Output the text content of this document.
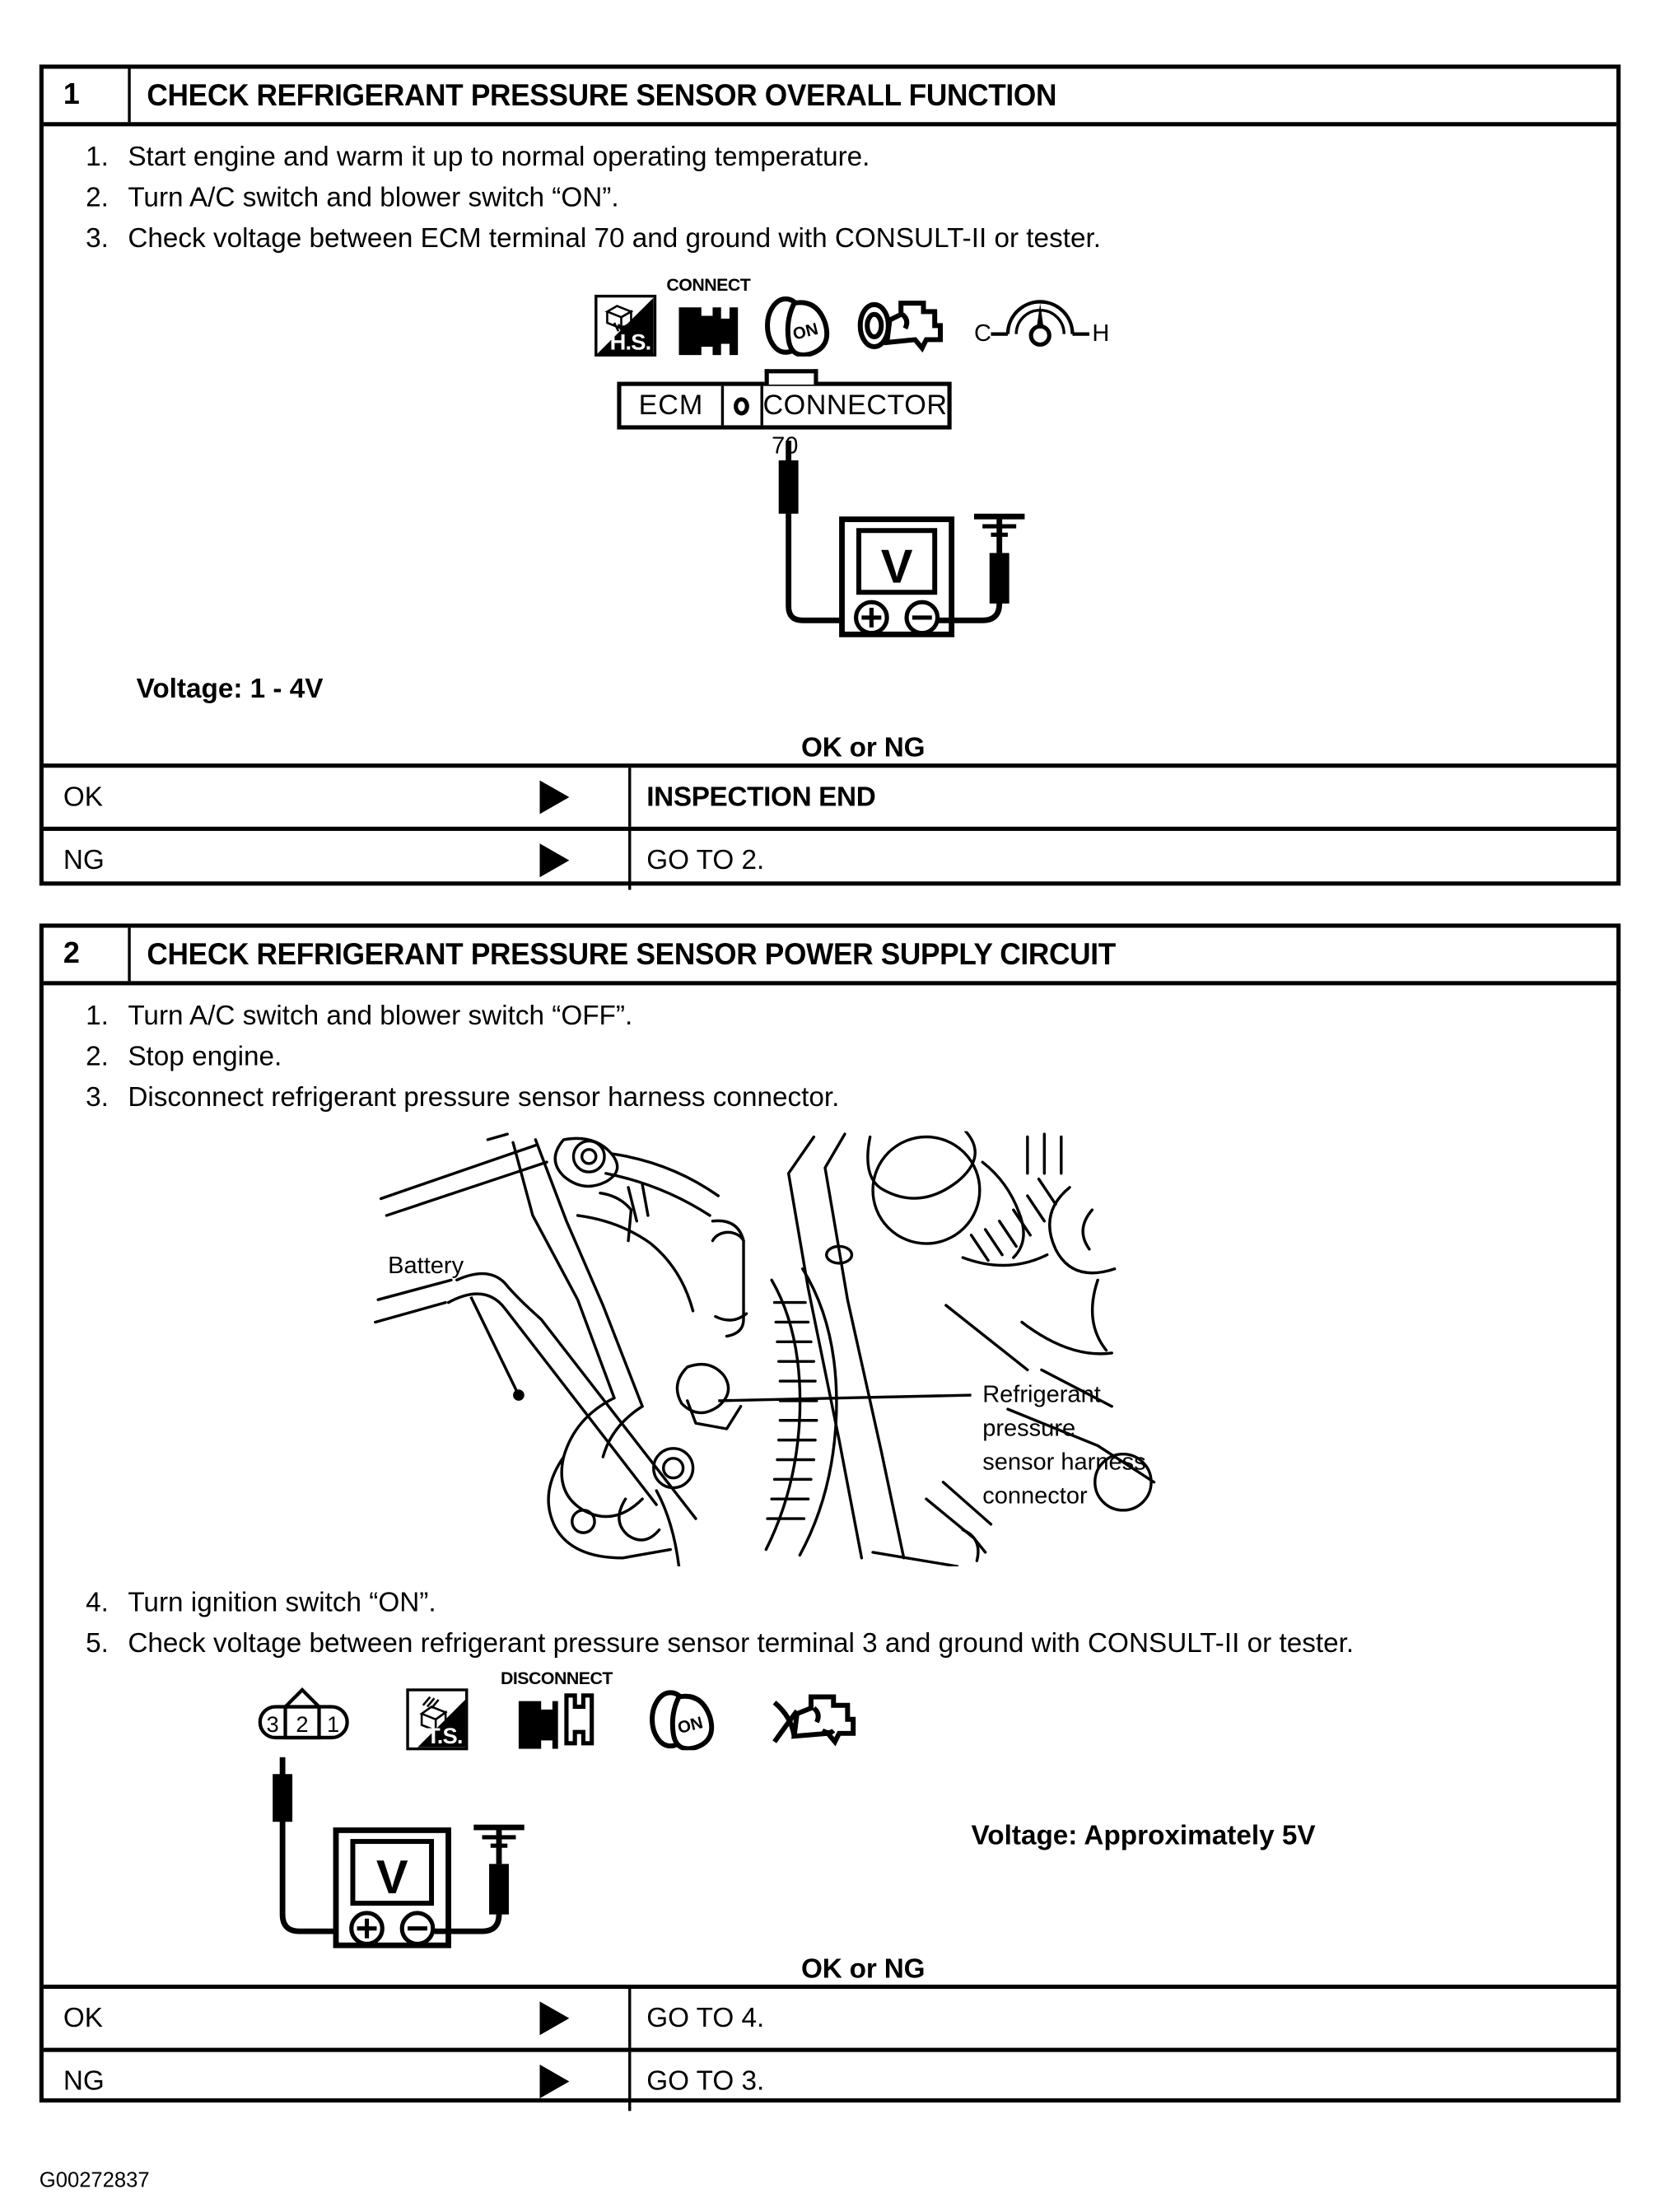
1	CHECK REFRIGERANT PRESSURE SENSOR OVERALL FUNCTION
1.	Start engine and warm it up to normal operating temperature.
2.	Turn A/C switch and blower switch “ON”.
3.	Check voltage between ECM terminal 70 and ground with CONSULT-II or tester.
H.S.
CONNECT
ON	C	H
ECM	CONNECTOR
70
V
Voltage: 1 - 4V
OK or NG
OK	INSPECTION END
NG	GO TO 2.
2	CHECK REFRIGERANT PRESSURE SENSOR POWER SUPPLY CIRCUIT
1.	Turn A/C switch and blower switch “OFF”.
2.	Stop engine.
3.	Disconnect refrigerant pressure sensor harness connector.
Battery
Refrigerant
pressure
sensor harness
connector
4.	Turn ignition switch “ON”.
5.	Check voltage between refrigerant pressure sensor terminal 3 and ground with CONSULT-II or tester.
3 2 1	T.S.
DISCONNECT
ON
V
Voltage: Approximately 5V
OK or NG
OK	GO TO 4.
NG	GO TO 3.
G00272837
